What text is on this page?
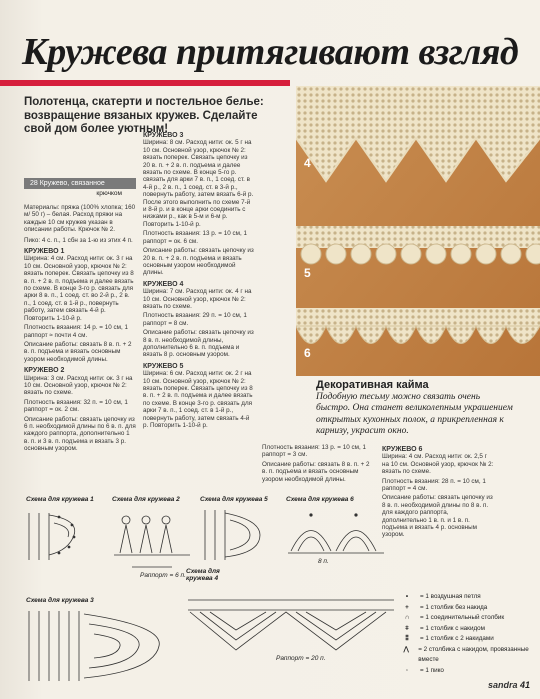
Кружева притягивают взгляд
Полотенца, скатерти и постельное белье: возвращение вязаных кружев. Сделайте свой дом более уютным!
4
5
6
Декоративная кайма
Подобную тесьму можно связать очень быстро. Она станет великолепным украшением открытых кухонных полок, а прикрепленная к карнизу, украсит окно.
28 Кружево, связанное
крючком
Материалы: пряжа (100% хлопка; 160 м/ 50 г) – белая. Расход пряжи на каждые 10 см кружев указан в описании работы. Крючок № 2.
Пико: 4 с. п., 1 сбн за 1-ю из этих 4 п.
КРУЖЕВО 1
Ширина: 4 см. Расход нити: ок. 3 г на 10 см. Основной узор, крючок № 2: вязать поперек. Связать цепочку из 8 в. п. + 2 в. п. подъема и далее вязать по схеме. В конце 3-го р. связать для арки 8 в. п., 1 соед. ст. во 2-й р., 2 в. п., 1 соед. ст. в 1-й р., повернуть работу, затем связать 4-й р. Повторить 1-10-й р.
Плотность вязания: 14 р. = 10 см, 1 раппорт ≈ почти 4 см.
Описание работы: связать 8 в. п. + 2 в. п. подъема и вязать основным узором необходимой длины.
КРУЖЕВО 2
Ширина: 3 см. Расход нити: ок. 3 г на 10 см. Основной узор, крючок № 2: вязать по схеме.
Плотность вязания: 32 п. = 10 см, 1 раппорт = ок. 2 см.
Описание работы: связать цепочку из 6 п. необходимой длины по 6 в. п. для каждого раппорта, дополнительно 1 в. п. и 3 в. п. подъема и вязать 3 р. основным узором.
КРУЖЕВО 3
Ширина: 8 см. Расход нити: ок. 5 г на 10 см. Основной узор, крючок № 2: вязать поперек. Связать цепочку из 20 в. п. + 2 в. п. подъема и далее вязать по схеме. В конце 5-го р. связать для арки 7 в. п., 1 соед. ст. в 4-й р., 2 в. п., 1 соед. ст. в 3-й р., повернуть работу, затем вязать 6-й р. После этого выполнить по схеме 7-й и 8-й р. и в конце арки соединить с низками р., как в 5-м и 6-м р. Повторить 1-10-й р.
Плотность вязания: 13 р. = 10 см, 1 раппорт = ок. 6 см.
Описание работы: связать цепочку из 20 в. п. + 2 в. п. подъема и вязать основным узором необходимой длины.
КРУЖЕВО 4
Ширина: 7 см. Расход нити: ок. 4 г на 10 см. Основной узор, крючок № 2: вязать по схеме.
Плотность вязания: 29 п. = 10 см, 1 раппорт = 8 см.
Описание работы: связать цепочку из 8 в. п. необходимой длины, дополнительно 6 в. п. подъема и вязать 8 р. основным узором.
КРУЖЕВО 5
Ширина: 6 см. Расход нити: ок. 2 г на 10 см. Основной узор, крючок № 2: вязать поперек. Связать цепочку из 8 в. п. + 2 в. п. подъема и далее вязать по схеме. В конце 3-го р. связать для арки 7 в. п., 1 соед. ст. в 1-й р., повернуть работу, затем связать 4-й р. Повторить 1-10-й р.
Плотность вязания: 13 р. = 10 см, 1 раппорт = 3 см.
Описание работы: связать 8 в. п. + 2 в. п. подъема и вязать основным узором необходимой длины.
КРУЖЕВО 6
Ширина: 4 см. Расход нити: ок. 2,5 г на 10 см. Основной узор, крючок № 2: вязать по схеме.
Плотность вязания: 28 п. = 10 см, 1 раппорт = 4 см.
Описание работы: связать цепочку из 8 в. п. необходимой длины по 8 в. п. для каждого раппорта, дополнительно 1 в. п. и 1 в. п. подъема и вязать 4 р. основным узором.
Схема для кружева 1	Схема для кружева 2	Схема для кружева 5	Схема для кружева 6
Схема для кружева 3
Схема для кружева 4
Раппорт = 6 п.
8 п.
Раппорт = 20 п.
•	= 1 воздушная петля
+	= 1 столбик без накида
∩	= 1 соединительный столбик
ǂ	= 1 столбик с накидом
⁑	= 1 столбик с 2 накидами
⋀	= 2 столбика с накидом, провязанные вместе
◦	= 1 пико
sandra 41
